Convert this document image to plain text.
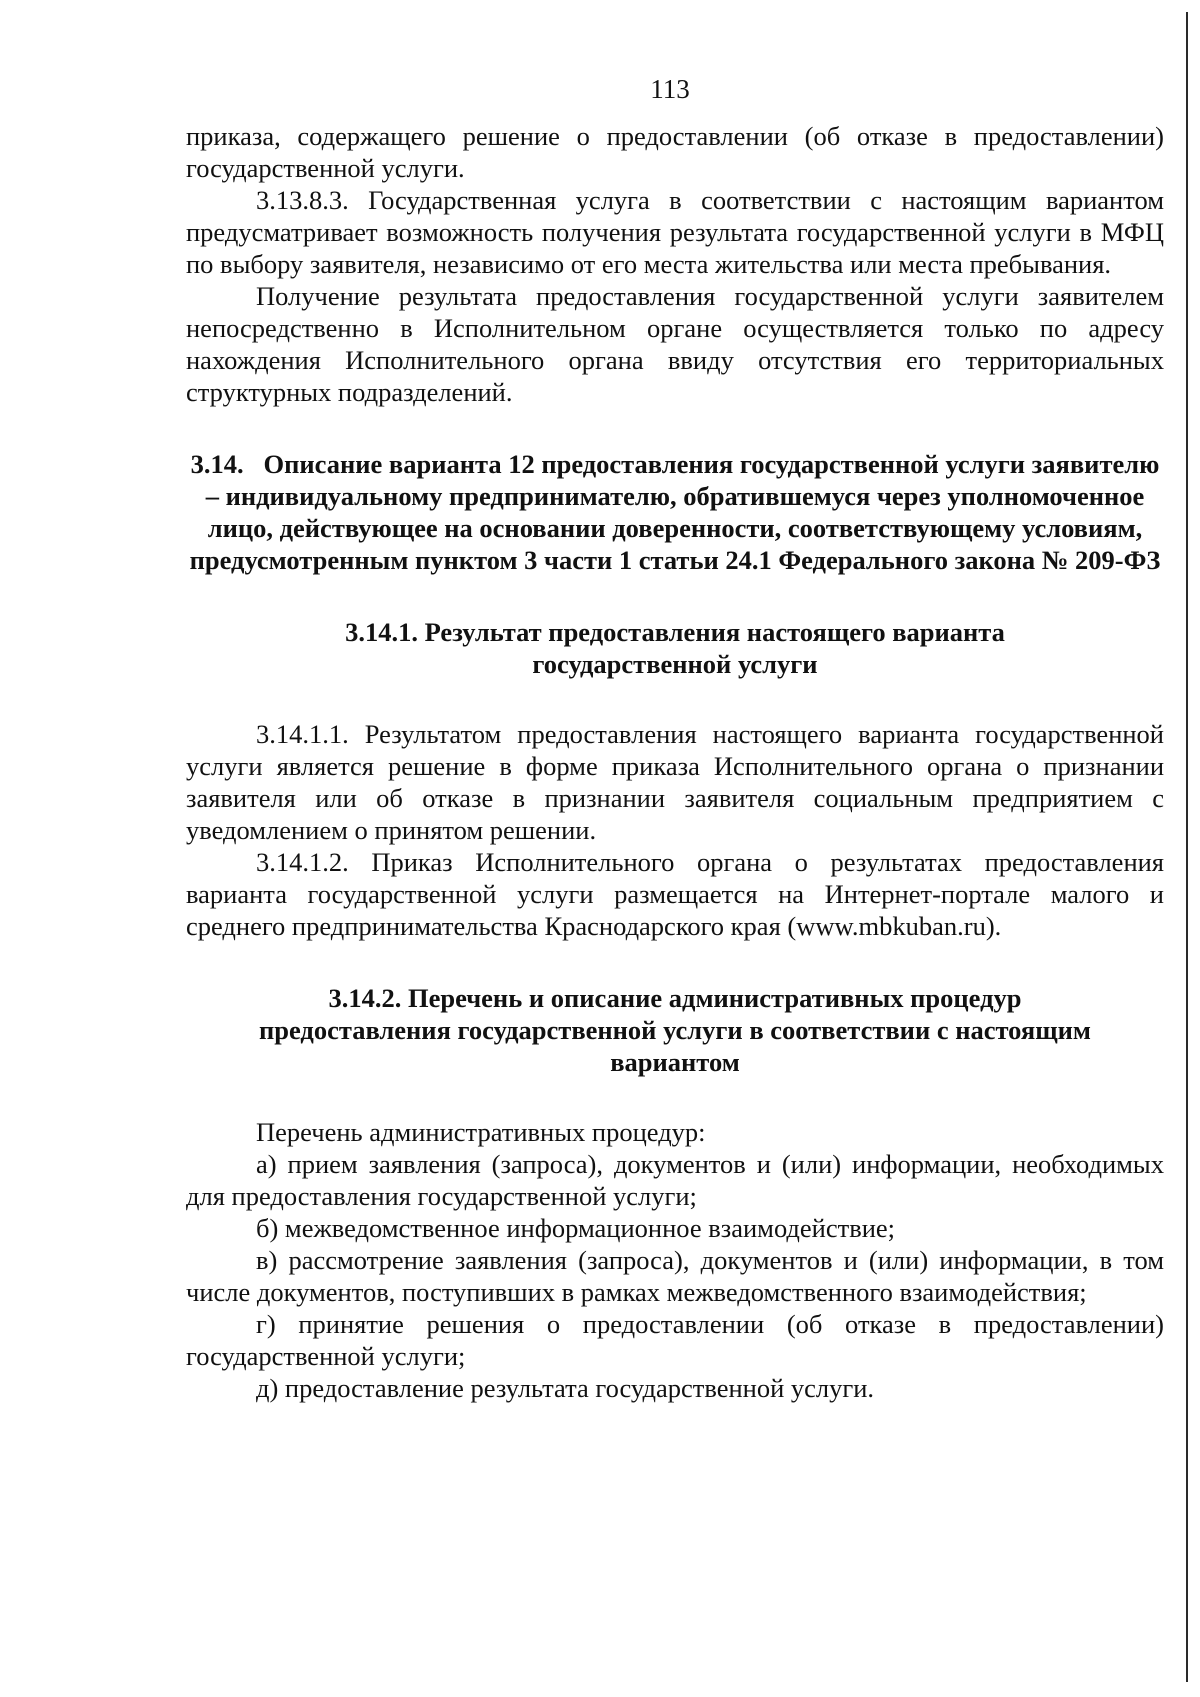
113

приказа, содержащего решение о предоставлении (об отказе в предоставлении) государственной услуги.

3.13.8.3. Государственная услуга в соответствии с настоящим вариантом предусматривает возможность получения результата государственной услуги в МФЦ по выбору заявителя, независимо от его места жительства или места пребывания.

Получение результата предоставления государственной услуги заявителем непосредственно в Исполнительном органе осуществляется только по адресу нахождения Исполнительного органа ввиду отсутствия его территориальных структурных подразделений.

3.14.   Описание варианта 12 предоставления государственной услуги заявителю – индивидуальному предпринимателю, обратившемуся через уполномоченное лицо, действующее на основании доверенности, соответствующему условиям, предусмотренным пунктом 3 части 1 статьи 24.1 Федерального закона № 209-ФЗ
3.14.1. Результат предоставления настоящего варианта государственной услуги

3.14.1.1. Результатом предоставления настоящего варианта государственной услуги является решение в форме приказа Исполнительного органа о признании заявителя или об отказе в признании заявителя социальным предприятием с уведомлением о принятом решении.

3.14.1.2. Приказ Исполнительного органа о результатах предоставления варианта государственной услуги размещается на Интернет-портале малого и среднего предпринимательства Краснодарского края (www.mbkuban.ru).

3.14.2. Перечень и описание административных процедур предоставления государственной услуги в соответствии с настоящим вариантом

Перечень административных процедур:

а) прием заявления (запроса), документов и (или) информации, необходимых для предоставления государственной услуги;

б) межведомственное информационное взаимодействие;

в) рассмотрение заявления (запроса), документов и (или) информации, в том числе документов, поступивших в рамках межведомственного взаимодействия;

г) принятие решения о предоставлении (об отказе в предоставлении) государственной услуги;

д) предоставление результата государственной услуги.
